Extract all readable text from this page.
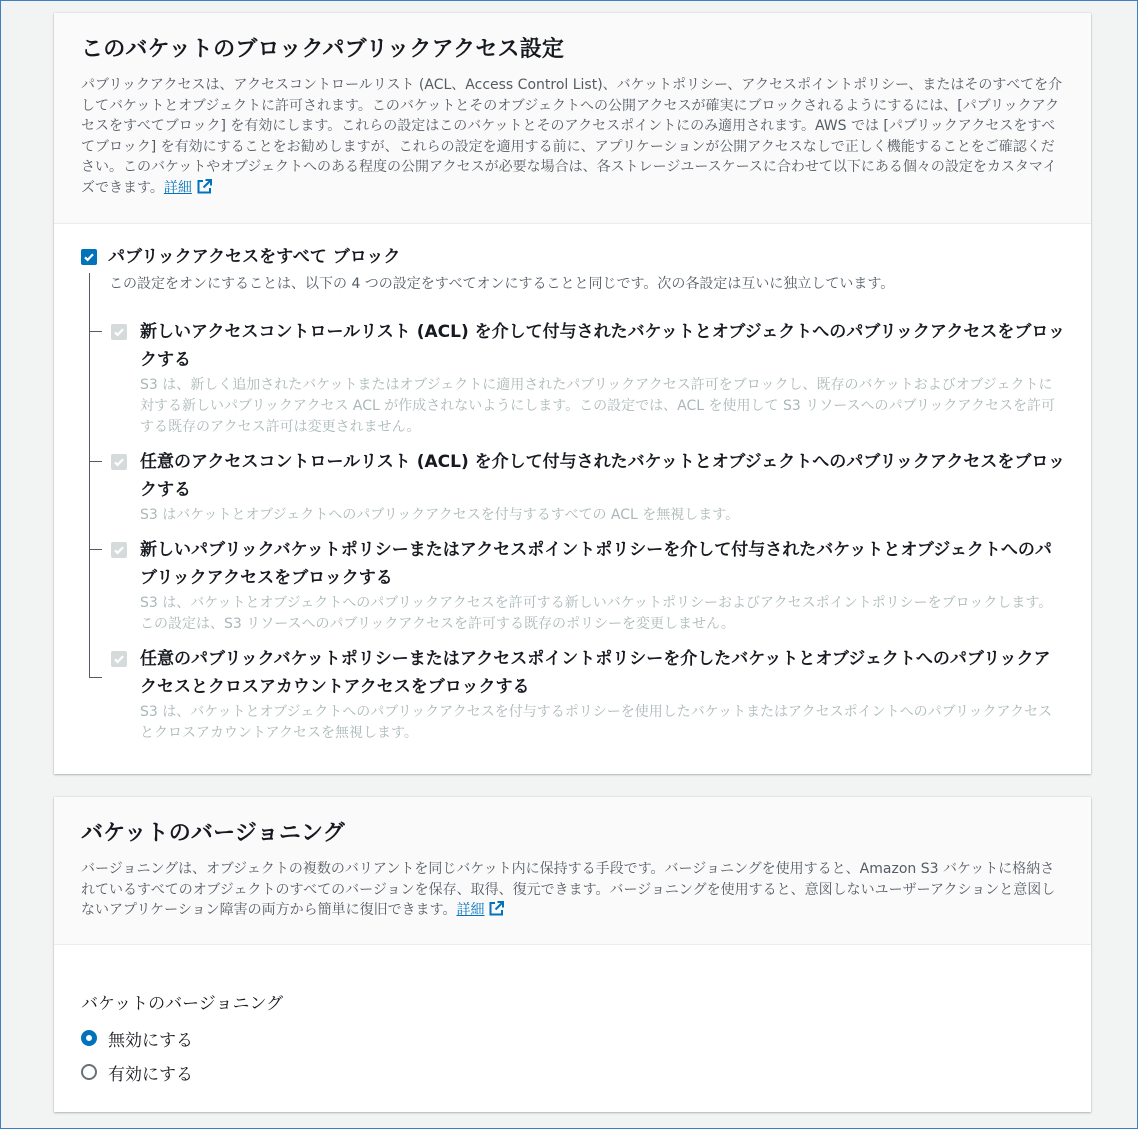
このバケットのブロックパブリックアクセス設定

パブリックアクセスは、アクセスコントロールリスト (ACL、Access Control List)、バケットポリシー、アクセスポイントポリシー、またはそのすべてを介してバケットとオブジェクトに許可されます。このバケットとそのオブジェクトへの公開アクセスが確実にブロックされるようにするには、[パブリックアクセスをすべてブロック] を有効にします。これらの設定はこのバケットとそのアクセスポイントにのみ適用されます。AWS では [パブリックアクセスをすべてブロック] を有効にすることをお勧めしますが、これらの設定を適用する前に、アプリケーションが公開アクセスなしで正しく機能することをご確認ください。このバケットやオブジェクトへのある程度の公開アクセスが必要な場合は、各ストレージユースケースに合わせて以下にある個々の設定をカスタマイズできます。詳細

パブリックアクセスをすべて ブロック
この設定をオンにすることは、以下の 4 つの設定をすべてオンにすることと同じです。次の各設定は互いに独立しています。
新しいアクセスコントロールリスト (ACL) を介して付与されたバケットとオブジェクトへのパブリックアクセスをブロックする
S3 は、新しく追加されたバケットまたはオブジェクトに適用されたパブリックアクセス許可をブロックし、既存のバケットおよびオブジェクトに対する新しいパブリックアクセス ACL が作成されないようにします。この設定では、ACL を使用して S3 リソースへのパブリックアクセスを許可する既存のアクセス許可は変更されません。
任意のアクセスコントロールリスト (ACL) を介して付与されたバケットとオブジェクトへのパブリックアクセスをブロックする
S3 はバケットとオブジェクトへのパブリックアクセスを付与するすべての ACL を無視します。
新しいパブリックバケットポリシーまたはアクセスポイントポリシーを介して付与されたバケットとオブジェクトへのパブリックアクセスをブロックする
S3 は、バケットとオブジェクトへのパブリックアクセスを許可する新しいバケットポリシーおよびアクセスポイントポリシーをブロックします。この設定は、S3 リソースへのパブリックアクセスを許可する既存のポリシーを変更しません。
任意のパブリックバケットポリシーまたはアクセスポイントポリシーを介したバケットとオブジェクトへのパブリックアクセスとクロスアカウントアクセスをブロックする
S3 は、バケットとオブジェクトへのパブリックアクセスを付与するポリシーを使用したバケットまたはアクセスポイントへのパブリックアクセスとクロスアカウントアクセスを無視します。
バケットのバージョニング

バージョニングは、オブジェクトの複数のバリアントを同じバケット内に保持する手段です。バージョニングを使用すると、Amazon S3 バケットに格納されているすべてのオブジェクトのすべてのバージョンを保存、取得、復元できます。バージョニングを使用すると、意図しないユーザーアクションと意図しないアプリケーション障害の両方から簡単に復旧できます。詳細

バケットのバージョニング
無効にする
有効にする
